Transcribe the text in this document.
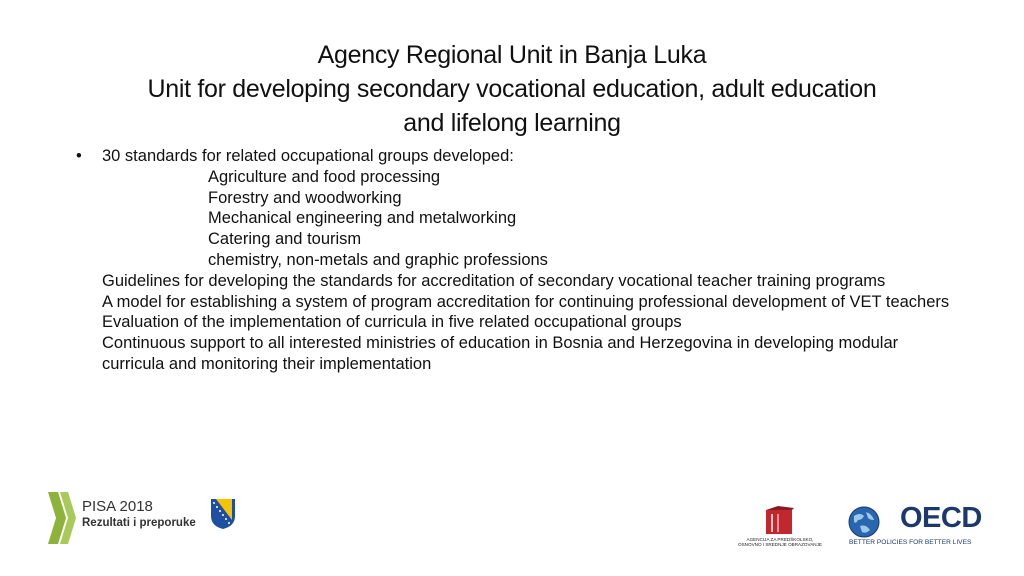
Agency Regional Unit in Banja Luka
Unit for developing secondary vocational education, adult education
and lifelong learning
• 30 standards for related occupational groups developed:
Agriculture and food processing
Forestry and woodworking
Mechanical engineering and metalworking
Catering and tourism
chemistry, non-metals and graphic professions
Guidelines for developing the standards for accreditation of secondary vocational teacher training programs
A model for establishing a system of program accreditation for continuing professional development of VET teachers
Evaluation of the implementation of curricula in five related occupational groups
Continuous support to all interested ministries of education in Bosnia and Herzegovina in developing modular curricula and monitoring their implementation
PISA 2018
Rezultati i preporuke
AGENCIJA ZA PREDŠKOLSKO,
OSNOVNO I SREDNJE OBRAZOVANJE
OECD
BETTER POLICIES FOR BETTER LIVES
